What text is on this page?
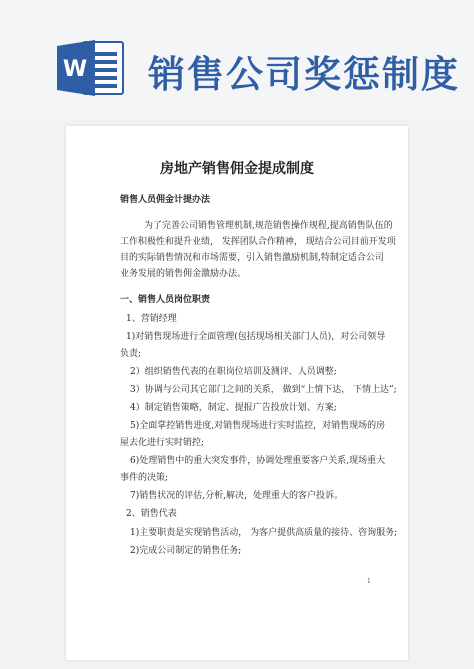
W 销售公司奖惩制度
房地产销售佣金提成制度
销售人员佣金计提办法
为了完善公司销售管理机制,规范销售操作规程,提高销售队伍的
工作积极性和提升业绩， 发挥团队合作精神， 现结合公司目前开发项
目的实际销售情况和市场需要，引入销售激励机制,特制定适合公司
业务发展的销售佣金激励办法。
一、销售人员岗位职责
1、营销经理
1)对销售现场进行全面管理(包括现场相关部门人员)，对公司领导
负责;
2）组织销售代表的在职岗位培训及测评、人员调整;
3）协调与公司其它部门之间的关系， 做到“上情下达， 下情上达”;
4）制定销售策略，制定、提报广告投放计划、方案;
5)全面掌控销售进度,对销售现场进行实时监控，对销售现场的房
屋去化进行实时销控;
6)处理销售中的重大突发事件，协调处理重要客户关系,现场重大
事件的决策;
7)销售状况的评估,分析,解决，处理重大的客户投诉。
2、销售代表
1)主要职责是实现销售活动， 为客户提供高质量的接待、咨询服务;
2)完成公司制定的销售任务;
1
